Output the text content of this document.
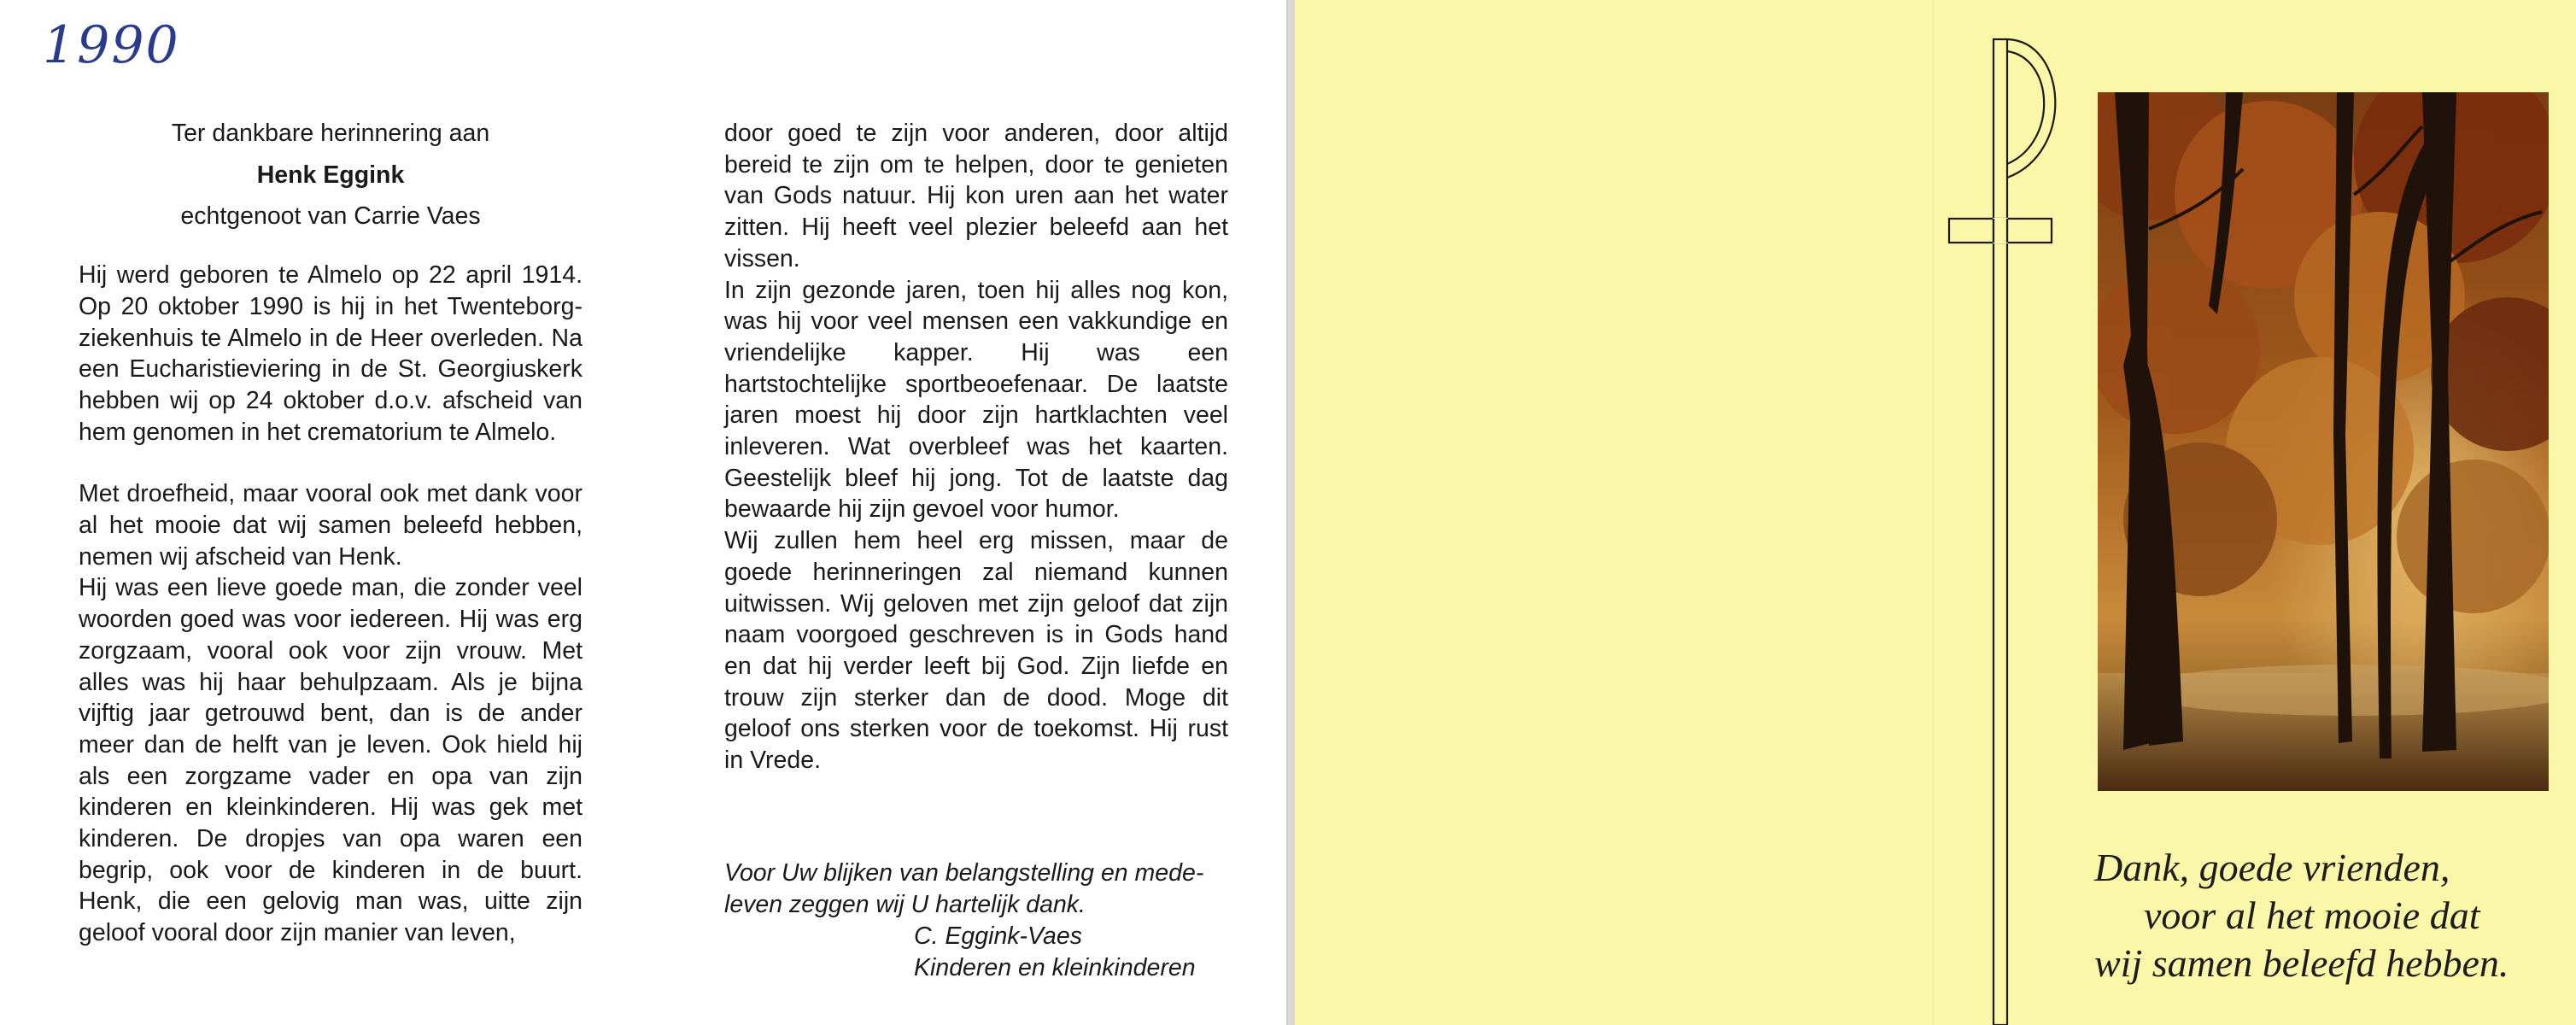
1990

Ter dankbare herinnering aan

Henk Eggink

echtgenoot van Carrie Vaes

Hij werd geboren te Almelo op 22 april 1914. Op 20 oktober 1990 is hij in het Twenteborg-ziekenhuis te Almelo in de Heer overleden. Na een Eucharistieviering in de St. Georgiuskerk hebben wij op 24 oktober d.o.v. afscheid van hem genomen in het crematorium te Almelo.

Met droefheid, maar vooral ook met dank voor al het mooie dat wij samen beleefd hebben, nemen wij afscheid van Henk.

Hij was een lieve goede man, die zonder veel woorden goed was voor iedereen. Hij was erg zorgzaam, vooral ook voor zijn vrouw. Met alles was hij haar behulpzaam. Als je bijna vijftig jaar getrouwd bent, dan is de ander meer dan de helft van je leven. Ook hield hij als een zorgzame vader en opa van zijn kinderen en kleinkinderen. Hij was gek met kinderen. De dropjes van opa waren een begrip, ook voor de kinderen in de buurt. Henk, die een gelovig man was, uitte zijn geloof vooral door zijn manier van leven,

door goed te zijn voor anderen, door altijd bereid te zijn om te helpen, door te genieten van Gods natuur. Hij kon uren aan het water zitten. Hij heeft veel plezier beleefd aan het vissen.

In zijn gezonde jaren, toen hij alles nog kon, was hij voor veel mensen een vakkundige en vriendelijke kapper. Hij was een hartstochtelijke sportbeoefenaar. De laatste jaren moest hij door zijn hartklachten veel inleveren. Wat overbleef was het kaarten. Geestelijk bleef hij jong. Tot de laatste dag bewaarde hij zijn gevoel voor humor.

Wij zullen hem heel erg missen, maar de goede herinneringen zal niemand kunnen uitwissen. Wij geloven met zijn geloof dat zijn naam voorgoed geschreven is in Gods hand en dat hij verder leeft bij God. Zijn liefde en trouw zijn sterker dan de dood. Moge dit geloof ons sterken voor de toekomst. Hij rust in Vrede.

Voor Uw blijken van belangstelling en mede-
leven zeggen wij U hartelijk dank.
C. Eggink-Vaes
Kinderen en kleinkinderen
Dank, goede vrienden,
voor al het mooie dat
wij samen beleefd hebben.
